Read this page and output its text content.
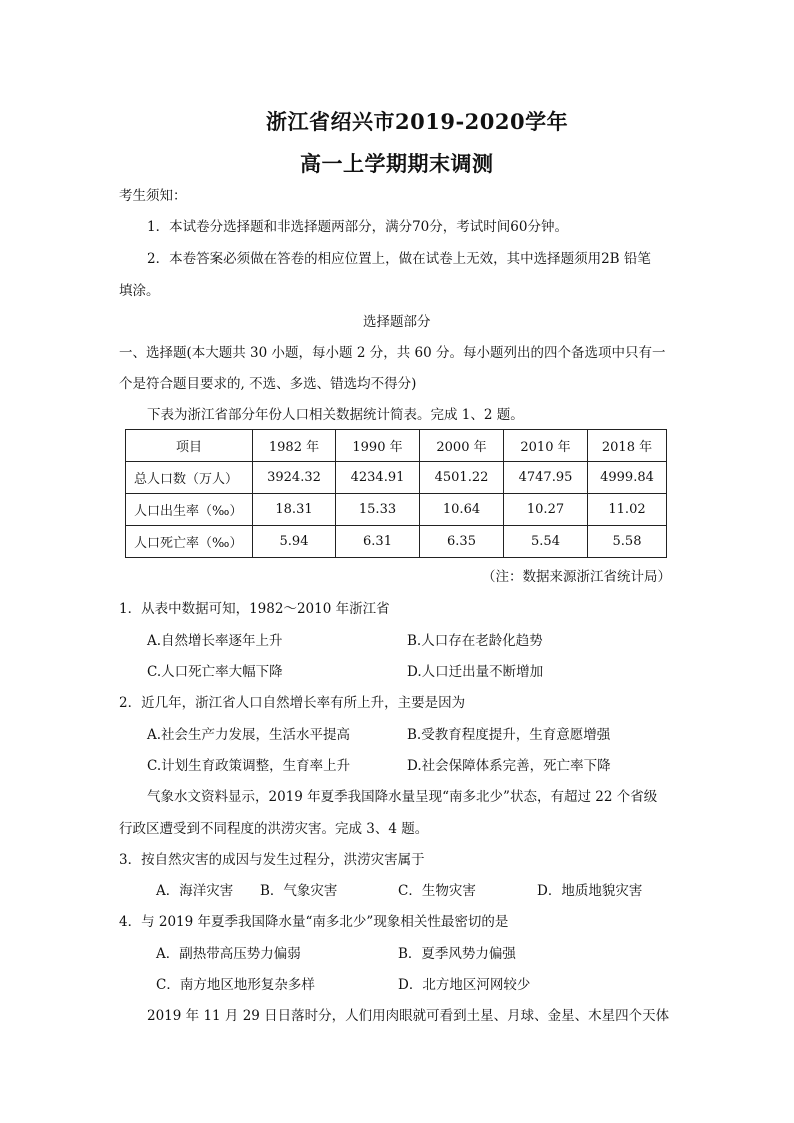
浙江省绍兴市2019-2020学年
高一上学期期末调测
考生须知：
1．本试卷分选择题和非选择题两部分，满分70分，考试时间60分钟。
2．本卷答案必须做在答卷的相应位置上，做在试卷上无效，其中选择题须用2B 铅笔
填涂。
选择题部分
一、选择题(本大题共 30 小题，每小题 2 分，共 60 分。每小题列出的四个备选项中只有一
个是符合题目要求的, 不选、多选、错选均不得分)
下表为浙江省部分年份人口相关数据统计简表。完成 1、2 题。
项目	1982 年	1990 年	2000 年	2010 年	2018 年
总人口数（万人）	3924.32	4234.91	4501.22	4747.95	4999.84
人口出生率（‰）	18.31	15.33	10.64	10.27	11.02
人口死亡率（‰）	5.94	6.31	6.35	5.54	5.58
（注：数据来源浙江省统计局）
1．从表中数据可知，1982～2010 年浙江省
A.自然增长率逐年上升	B.人口存在老龄化趋势
C.人口死亡率大幅下降	D.人口迁出量不断增加
2．近几年，浙江省人口自然增长率有所上升，主要是因为
A.社会生产力发展，生活水平提高	B.受教育程度提升，生育意愿增强
C.计划生育政策调整，生育率上升	D.社会保障体系完善，死亡率下降
气象水文资料显示，2019 年夏季我国降水量呈现“南多北少”状态，有超过 22 个省级
行政区遭受到不同程度的洪涝灾害。完成 3、4 题。
3．按自然灾害的成因与发生过程分，洪涝灾害属于
A．海洋灾害 B．气象灾害	C．生物灾害	D．地质地貌灾害
4．与 2019 年夏季我国降水量“南多北少”现象相关性最密切的是
A．副热带高压势力偏弱	B．夏季风势力偏强
C．南方地区地形复杂多样	D．北方地区河网较少
2019 年 11 月 29 日日落时分，人们用肉眼就可看到土星、月球、金星、木星四个天体
